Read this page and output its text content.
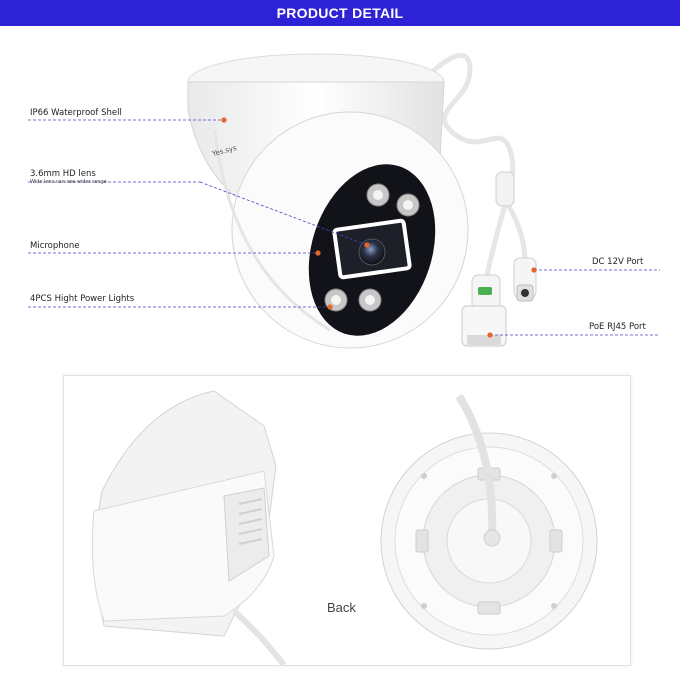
PRODUCT DETAIL
Yes.sys
IP66 Waterproof Shell
3.6mm HD lens
Wide lens can see wider range
Microphone
4PCS Hight Power Lights
DC 12V Port
PoE RJ45 Port
Back
